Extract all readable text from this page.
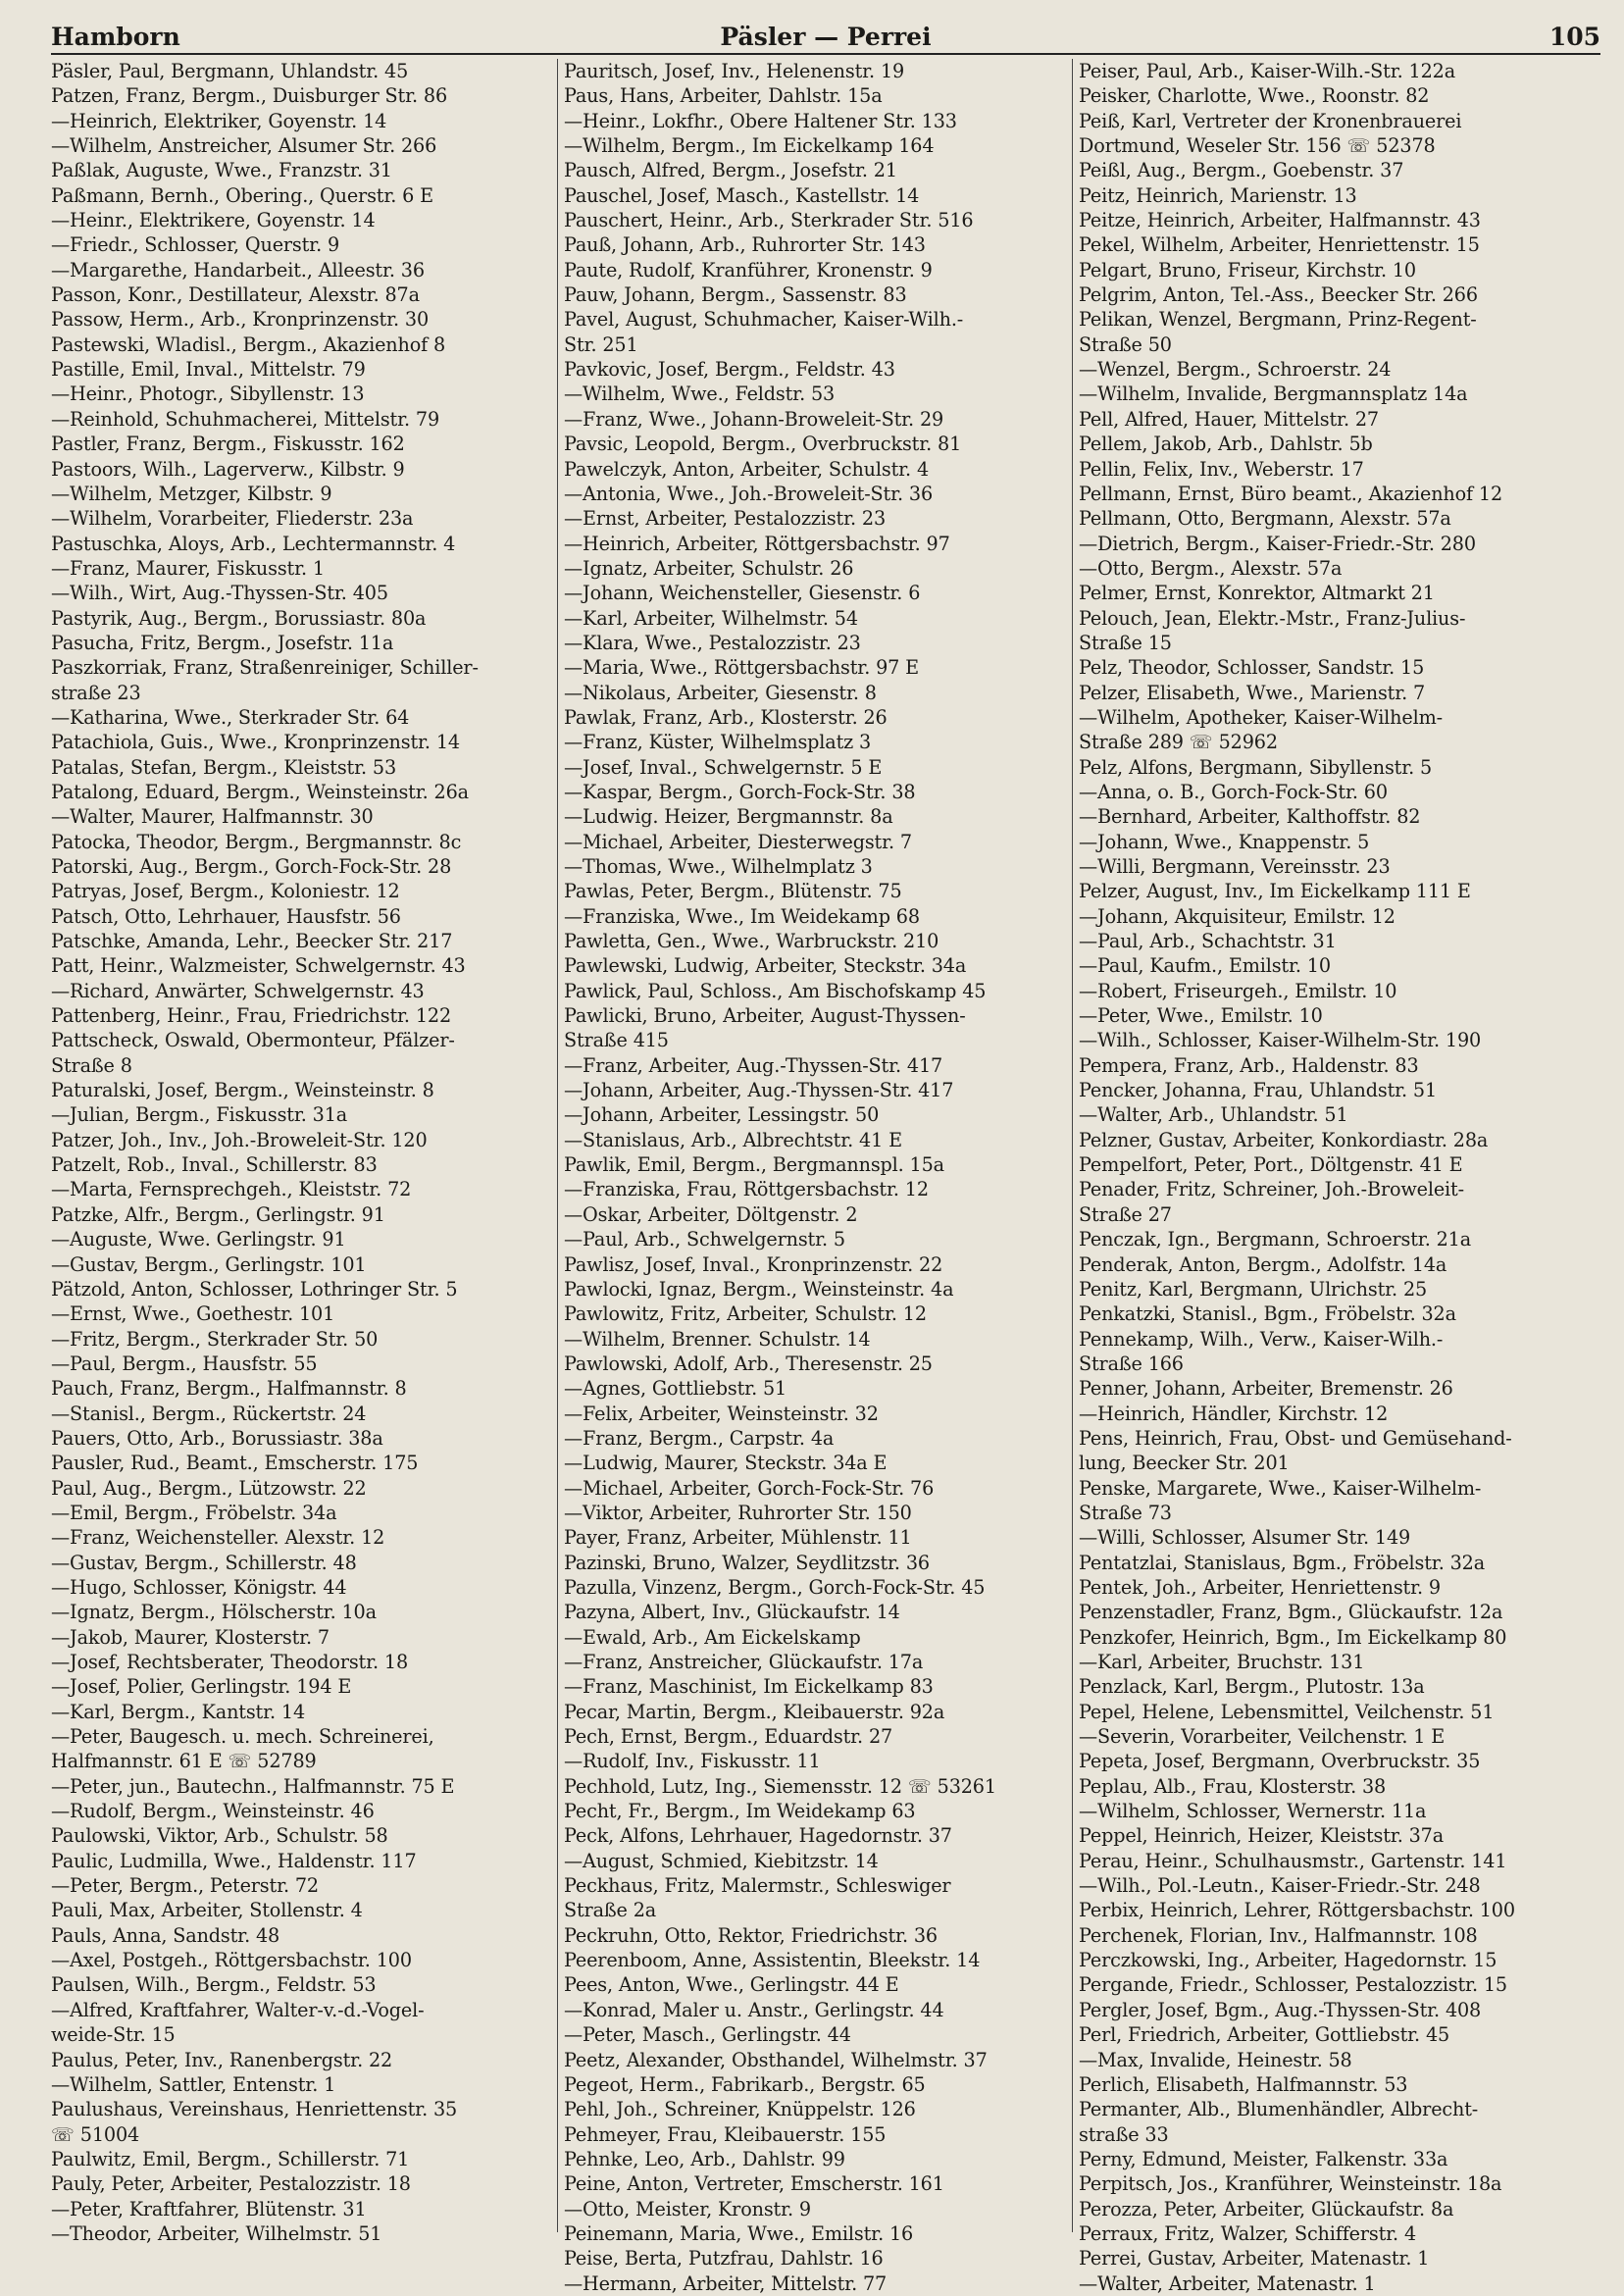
Hamborn	Päsler — Perrei	105
Päsler, Paul, Bergmann, Uhlandstr. 45
Patzen, Franz, Bergm., Duisburger Str. 86
—Heinrich, Elektriker, Goyenstr. 14
—Wilhelm, Anstreicher, Alsumer Str. 266
Paßlak, Auguste, Wwe., Franzstr. 31
Paßmann, Bernh., Obering., Querstr. 6 E
—Heinr., Elektrikere, Goyenstr. 14
—Friedr., Schlosser, Querstr. 9
—Margarethe, Handarbeit., Alleestr. 36
Passon, Konr., Destillateur, Alexstr. 87a
Passow, Herm., Arb., Kronprinzenstr. 30
Pastewski, Wladisl., Bergm., Akazienhof 8
Pastille, Emil, Inval., Mittelstr. 79
—Heinr., Photogr., Sibyllenstr. 13
—Reinhold, Schuhmacherei, Mittelstr. 79
Pastler, Franz, Bergm., Fiskusstr. 162
Pastoors, Wilh., Lagerverw., Kilbstr. 9
—Wilhelm, Metzger, Kilbstr. 9
—Wilhelm, Vorarbeiter, Fliederstr. 23a
Pastuschka, Aloys, Arb., Lechtermannstr. 4
—Franz, Maurer, Fiskusstr. 1
—Wilh., Wirt, Aug.-Thyssen-Str. 405
Pastyrik, Aug., Bergm., Borussiastr. 80a
Pasucha, Fritz, Bergm., Josefstr. 11a
Paszkorriak, Franz, Straßenreiniger, Schiller-
straße 23
—Katharina, Wwe., Sterkrader Str. 64
Patachiola, Guis., Wwe., Kronprinzenstr. 14
Patalas, Stefan, Bergm., Kleiststr. 53
Patalong, Eduard, Bergm., Weinsteinstr. 26a
—Walter, Maurer, Halfmannstr. 30
Patocka, Theodor, Bergm., Bergmannstr. 8c
Patorski, Aug., Bergm., Gorch-Fock-Str. 28
Patryas, Josef, Bergm., Koloniestr. 12
Patsch, Otto, Lehrhauer, Hausfstr. 56
Patschke, Amanda, Lehr., Beecker Str. 217
Patt, Heinr., Walzmeister, Schwelgernstr. 43
—Richard, Anwärter, Schwelgernstr. 43
Pattenberg, Heinr., Frau, Friedrichstr. 122
Pattscheck, Oswald, Obermonteur, Pfälzer-
Straße 8
Paturalski, Josef, Bergm., Weinsteinstr. 8
—Julian, Bergm., Fiskusstr. 31a
Patzer, Joh., Inv., Joh.-Broweleit-Str. 120
Patzelt, Rob., Inval., Schillerstr. 83
—Marta, Fernsprechgeh., Kleiststr. 72
Patzke, Alfr., Bergm., Gerlingstr. 91
—Auguste, Wwe. Gerlingstr. 91
—Gustav, Bergm., Gerlingstr. 101
Pätzold, Anton, Schlosser, Lothringer Str. 5
—Ernst, Wwe., Goethestr. 101
—Fritz, Bergm., Sterkrader Str. 50
—Paul, Bergm., Hausfstr. 55
Pauch, Franz, Bergm., Halfmannstr. 8
—Stanisl., Bergm., Rückertstr. 24
Pauers, Otto, Arb., Borussiastr. 38a
Pausler, Rud., Beamt., Emscherstr. 175
Paul, Aug., Bergm., Lützowstr. 22
—Emil, Bergm., Fröbelstr. 34a
—Franz, Weichensteller. Alexstr. 12
—Gustav, Bergm., Schillerstr. 48
—Hugo, Schlosser, Königstr. 44
—Ignatz, Bergm., Hölscherstr. 10a
—Jakob, Maurer, Klosterstr. 7
—Josef, Rechtsberater, Theodorstr. 18
—Josef, Polier, Gerlingstr. 194 E
—Karl, Bergm., Kantstr. 14
—Peter, Baugesch. u. mech. Schreinerei,
Halfmannstr. 61 E ☏ 52789
—Peter, jun., Bautechn., Halfmannstr. 75 E
—Rudolf, Bergm., Weinsteinstr. 46
Paulowski, Viktor, Arb., Schulstr. 58
Paulic, Ludmilla, Wwe., Haldenstr. 117
—Peter, Bergm., Peterstr. 72
Pauli, Max, Arbeiter, Stollenstr. 4
Pauls, Anna, Sandstr. 48
—Axel, Postgeh., Röttgersbachstr. 100
Paulsen, Wilh., Bergm., Feldstr. 53
—Alfred, Kraftfahrer, Walter-v.-d.-Vogel-
weide-Str. 15
Paulus, Peter, Inv., Ranenbergstr. 22
—Wilhelm, Sattler, Entenstr. 1
Paulushaus, Vereinshaus, Henriettenstr. 35
☏ 51004
Paulwitz, Emil, Bergm., Schillerstr. 71
Pauly, Peter, Arbeiter, Pestalozzistr. 18
—Peter, Kraftfahrer, Blütenstr. 31
—Theodor, Arbeiter, Wilhelmstr. 51
Pauritsch, Josef, Inv., Helenenstr. 19
Paus, Hans, Arbeiter, Dahlstr. 15a
—Heinr., Lokfhr., Obere Haltener Str. 133
—Wilhelm, Bergm., Im Eickelkamp 164
Pausch, Alfred, Bergm., Josefstr. 21
Pauschel, Josef, Masch., Kastellstr. 14
Pauschert, Heinr., Arb., Sterkrader Str. 516
Pauß, Johann, Arb., Ruhrorter Str. 143
Paute, Rudolf, Kranführer, Kronenstr. 9
Pauw, Johann, Bergm., Sassenstr. 83
Pavel, August, Schuhmacher, Kaiser-Wilh.-
Str. 251
Pavkovic, Josef, Bergm., Feldstr. 43
—Wilhelm, Wwe., Feldstr. 53
—Franz, Wwe., Johann-Broweleit-Str. 29
Pavsic, Leopold, Bergm., Overbruckstr. 81
Pawelczyk, Anton, Arbeiter, Schulstr. 4
—Antonia, Wwe., Joh.-Broweleit-Str. 36
—Ernst, Arbeiter, Pestalozzistr. 23
—Heinrich, Arbeiter, Röttgersbachstr. 97
—Ignatz, Arbeiter, Schulstr. 26
—Johann, Weichensteller, Giesenstr. 6
—Karl, Arbeiter, Wilhelmstr. 54
—Klara, Wwe., Pestalozzistr. 23
—Maria, Wwe., Röttgersbachstr. 97 E
—Nikolaus, Arbeiter, Giesenstr. 8
Pawlak, Franz, Arb., Klosterstr. 26
—Franz, Küster, Wilhelmsplatz 3
—Josef, Inval., Schwelgernstr. 5 E
—Kaspar, Bergm., Gorch-Fock-Str. 38
—Ludwig. Heizer, Bergmannstr. 8a
—Michael, Arbeiter, Diesterwegstr. 7
—Thomas, Wwe., Wilhelmplatz 3
Pawlas, Peter, Bergm., Blütenstr. 75
—Franziska, Wwe., Im Weidekamp 68
Pawletta, Gen., Wwe., Warbruckstr. 210
Pawlewski, Ludwig, Arbeiter, Steckstr. 34a
Pawlick, Paul, Schloss., Am Bischofskamp 45
Pawlicki, Bruno, Arbeiter, August-Thyssen-
Straße 415
—Franz, Arbeiter, Aug.-Thyssen-Str. 417
—Johann, Arbeiter, Aug.-Thyssen-Str. 417
—Johann, Arbeiter, Lessingstr. 50
—Stanislaus, Arb., Albrechtstr. 41 E
Pawlik, Emil, Bergm., Bergmannspl. 15a
—Franziska, Frau, Röttgersbachstr. 12
—Oskar, Arbeiter, Döltgenstr. 2
—Paul, Arb., Schwelgernstr. 5
Pawlisz, Josef, Inval., Kronprinzenstr. 22
Pawlocki, Ignaz, Bergm., Weinsteinstr. 4a
Pawlowitz, Fritz, Arbeiter, Schulstr. 12
—Wilhelm, Brenner. Schulstr. 14
Pawlowski, Adolf, Arb., Theresenstr. 25
—Agnes, Gottliebstr. 51
—Felix, Arbeiter, Weinsteinstr. 32
—Franz, Bergm., Carpstr. 4a
—Ludwig, Maurer, Steckstr. 34a E
—Michael, Arbeiter, Gorch-Fock-Str. 76
—Viktor, Arbeiter, Ruhrorter Str. 150
Payer, Franz, Arbeiter, Mühlenstr. 11
Pazinski, Bruno, Walzer, Seydlitzstr. 36
Pazulla, Vinzenz, Bergm., Gorch-Fock-Str. 45
Pazyna, Albert, Inv., Glückaufstr. 14
—Ewald, Arb., Am Eickelskamp
—Franz, Anstreicher, Glückaufstr. 17a
—Franz, Maschinist, Im Eickelkamp 83
Pecar, Martin, Bergm., Kleibauerstr. 92a
Pech, Ernst, Bergm., Eduardstr. 27
—Rudolf, Inv., Fiskusstr. 11
Pechhold, Lutz, Ing., Siemensstr. 12 ☏ 53261
Pecht, Fr., Bergm., Im Weidekamp 63
Peck, Alfons, Lehrhauer, Hagedornstr. 37
—August, Schmied, Kiebitzstr. 14
Peckhaus, Fritz, Malermstr., Schleswiger
Straße 2a
Peckruhn, Otto, Rektor, Friedrichstr. 36
Peerenboom, Anne, Assistentin, Bleekstr. 14
Pees, Anton, Wwe., Gerlingstr. 44 E
—Konrad, Maler u. Anstr., Gerlingstr. 44
—Peter, Masch., Gerlingstr. 44
Peetz, Alexander, Obsthandel, Wilhelmstr. 37
Pegeot, Herm., Fabrikarb., Bergstr. 65
Pehl, Joh., Schreiner, Knüppelstr. 126
Pehmeyer, Frau, Kleibauerstr. 155
Pehnke, Leo, Arb., Dahlstr. 99
Peine, Anton, Vertreter, Emscherstr. 161
—Otto, Meister, Kronstr. 9
Peinemann, Maria, Wwe., Emilstr. 16
Peise, Berta, Putzfrau, Dahlstr. 16
—Hermann, Arbeiter, Mittelstr. 77
Peiser, Paul, Arb., Kaiser-Wilh.-Str. 122a
Peisker, Charlotte, Wwe., Roonstr. 82
Peiß, Karl, Vertreter der Kronenbrauerei
Dortmund, Weseler Str. 156 ☏ 52378
Peißl, Aug., Bergm., Goebenstr. 37
Peitz, Heinrich, Marienstr. 13
Peitze, Heinrich, Arbeiter, Halfmannstr. 43
Pekel, Wilhelm, Arbeiter, Henriettenstr. 15
Pelgart, Bruno, Friseur, Kirchstr. 10
Pelgrim, Anton, Tel.-Ass., Beecker Str. 266
Pelikan, Wenzel, Bergmann, Prinz-Regent-
Straße 50
—Wenzel, Bergm., Schroerstr. 24
—Wilhelm, Invalide, Bergmannsplatz 14a
Pell, Alfred, Hauer, Mittelstr. 27
Pellem, Jakob, Arb., Dahlstr. 5b
Pellin, Felix, Inv., Weberstr. 17
Pellmann, Ernst, Büro beamt., Akazienhof 12
Pellmann, Otto, Bergmann, Alexstr. 57a
—Dietrich, Bergm., Kaiser-Friedr.-Str. 280
—Otto, Bergm., Alexstr. 57a
Pelmer, Ernst, Konrektor, Altmarkt 21
Pelouch, Jean, Elektr.-Mstr., Franz-Julius-
Straße 15
Pelz, Theodor, Schlosser, Sandstr. 15
Pelzer, Elisabeth, Wwe., Marienstr. 7
—Wilhelm, Apotheker, Kaiser-Wilhelm-
Straße 289 ☏ 52962
Pelz, Alfons, Bergmann, Sibyllenstr. 5
—Anna, o. B., Gorch-Fock-Str. 60
—Bernhard, Arbeiter, Kalthoffstr. 82
—Johann, Wwe., Knappenstr. 5
—Willi, Bergmann, Vereinsstr. 23
Pelzer, August, Inv., Im Eickelkamp 111 E
—Johann, Akquisiteur, Emilstr. 12
—Paul, Arb., Schachtstr. 31
—Paul, Kaufm., Emilstr. 10
—Robert, Friseurgeh., Emilstr. 10
—Peter, Wwe., Emilstr. 10
—Wilh., Schlosser, Kaiser-Wilhelm-Str. 190
Pempera, Franz, Arb., Haldenstr. 83
Pencker, Johanna, Frau, Uhlandstr. 51
—Walter, Arb., Uhlandstr. 51
Pelzner, Gustav, Arbeiter, Konkordiastr. 28a
Pempelfort, Peter, Port., Döltgenstr. 41 E
Penader, Fritz, Schreiner, Joh.-Broweleit-
Straße 27
Penczak, Ign., Bergmann, Schroerstr. 21a
Penderak, Anton, Bergm., Adolfstr. 14a
Penitz, Karl, Bergmann, Ulrichstr. 25
Penkatzki, Stanisl., Bgm., Fröbelstr. 32a
Pennekamp, Wilh., Verw., Kaiser-Wilh.-
Straße 166
Penner, Johann, Arbeiter, Bremenstr. 26
—Heinrich, Händler, Kirchstr. 12
Pens, Heinrich, Frau, Obst- und Gemüsehand-
lung, Beecker Str. 201
Penske, Margarete, Wwe., Kaiser-Wilhelm-
Straße 73
—Willi, Schlosser, Alsumer Str. 149
Pentatzlai, Stanislaus, Bgm., Fröbelstr. 32a
Pentek, Joh., Arbeiter, Henriettenstr. 9
Penzenstadler, Franz, Bgm., Glückaufstr. 12a
Penzkofer, Heinrich, Bgm., Im Eickelkamp 80
—Karl, Arbeiter, Bruchstr. 131
Penzlack, Karl, Bergm., Plutostr. 13a
Pepel, Helene, Lebensmittel, Veilchenstr. 51
—Severin, Vorarbeiter, Veilchenstr. 1 E
Pepeta, Josef, Bergmann, Overbruckstr. 35
Peplau, Alb., Frau, Klosterstr. 38
—Wilhelm, Schlosser, Wernerstr. 11a
Peppel, Heinrich, Heizer, Kleiststr. 37a
Perau, Heinr., Schulhausmstr., Gartenstr. 141
—Wilh., Pol.-Leutn., Kaiser-Friedr.-Str. 248
Perbix, Heinrich, Lehrer, Röttgersbachstr. 100
Perchenek, Florian, Inv., Halfmannstr. 108
Perczkowski, Ing., Arbeiter, Hagedornstr. 15
Pergande, Friedr., Schlosser, Pestalozzistr. 15
Pergler, Josef, Bgm., Aug.-Thyssen-Str. 408
Perl, Friedrich, Arbeiter, Gottliebstr. 45
—Max, Invalide, Heinestr. 58
Perlich, Elisabeth, Halfmannstr. 53
Permanter, Alb., Blumenhändler, Albrecht-
straße 33
Perny, Edmund, Meister, Falkenstr. 33a
Perpitsch, Jos., Kranführer, Weinsteinstr. 18a
Perozza, Peter, Arbeiter, Glückaufstr. 8a
Perraux, Fritz, Walzer, Schifferstr. 4
Perrei, Gustav, Arbeiter, Matenastr. 1
—Walter, Arbeiter, Matenastr. 1
